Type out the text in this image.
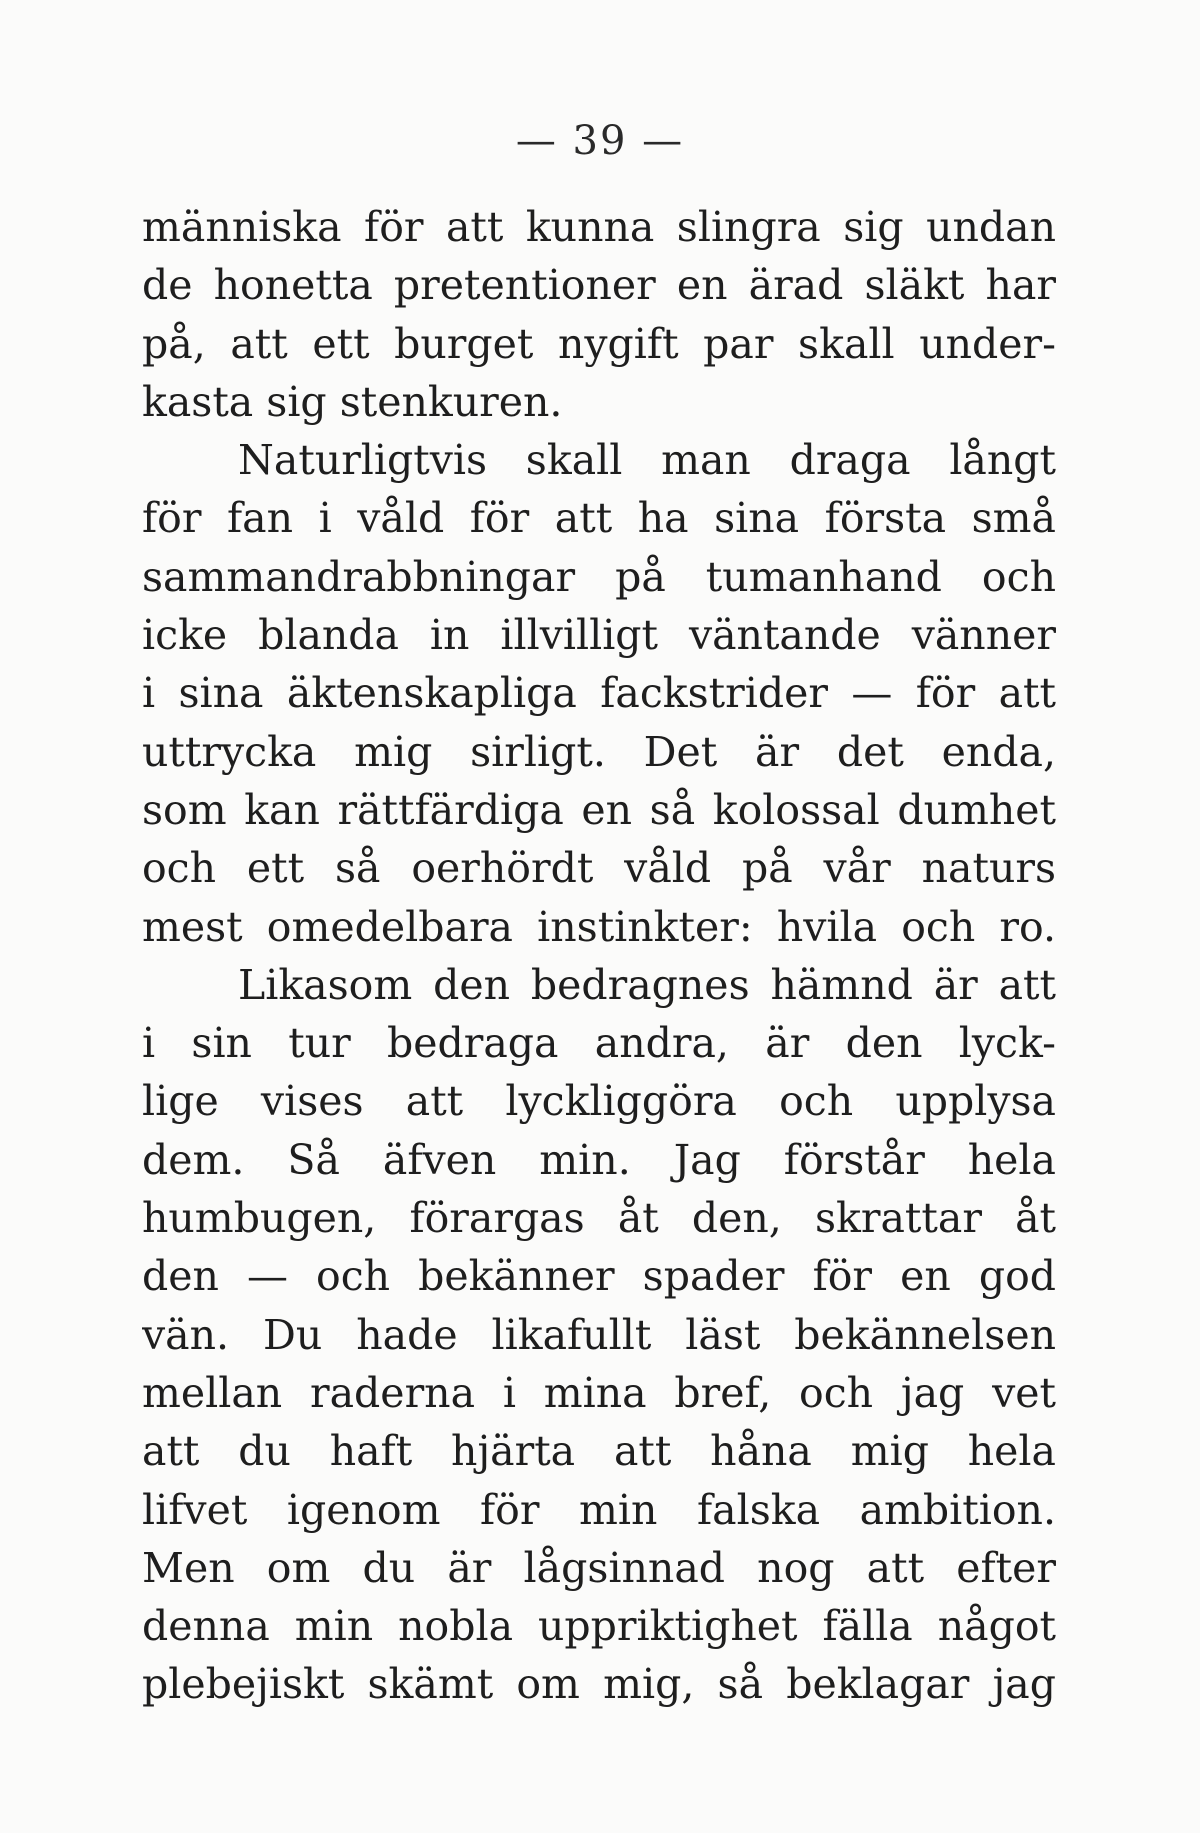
— 39 —
människa för att kunna slingra sig undan
de honetta pretentioner en ärad släkt har
på, att ett burget nygift par skall under-
kasta sig stenkuren.
Naturligtvis skall man draga långt
för fan i våld för att ha sina första små
sammandrabbningar på tumanhand och
icke blanda in illvilligt väntande vänner
i sina äktenskapliga fackstrider — för att
uttrycka mig sirligt. Det är det enda,
som kan rättfärdiga en så kolossal dumhet
och ett så oerhördt våld på vår naturs
mest omedelbara instinkter: hvila och ro.
Likasom den bedragnes hämnd är att
i sin tur bedraga andra, är den lyck-
lige vises att lyckliggöra och upplysa
dem. Så äfven min. Jag förstår hela
humbugen, förargas åt den, skrattar åt
den — och bekänner spader för en god
vän. Du hade likafullt läst bekännelsen
mellan raderna i mina bref, och jag vet
att du haft hjärta att håna mig hela
lifvet igenom för min falska ambition.
Men om du är lågsinnad nog att efter
denna min nobla uppriktighet fälla något
plebejiskt skämt om mig, så beklagar jag
